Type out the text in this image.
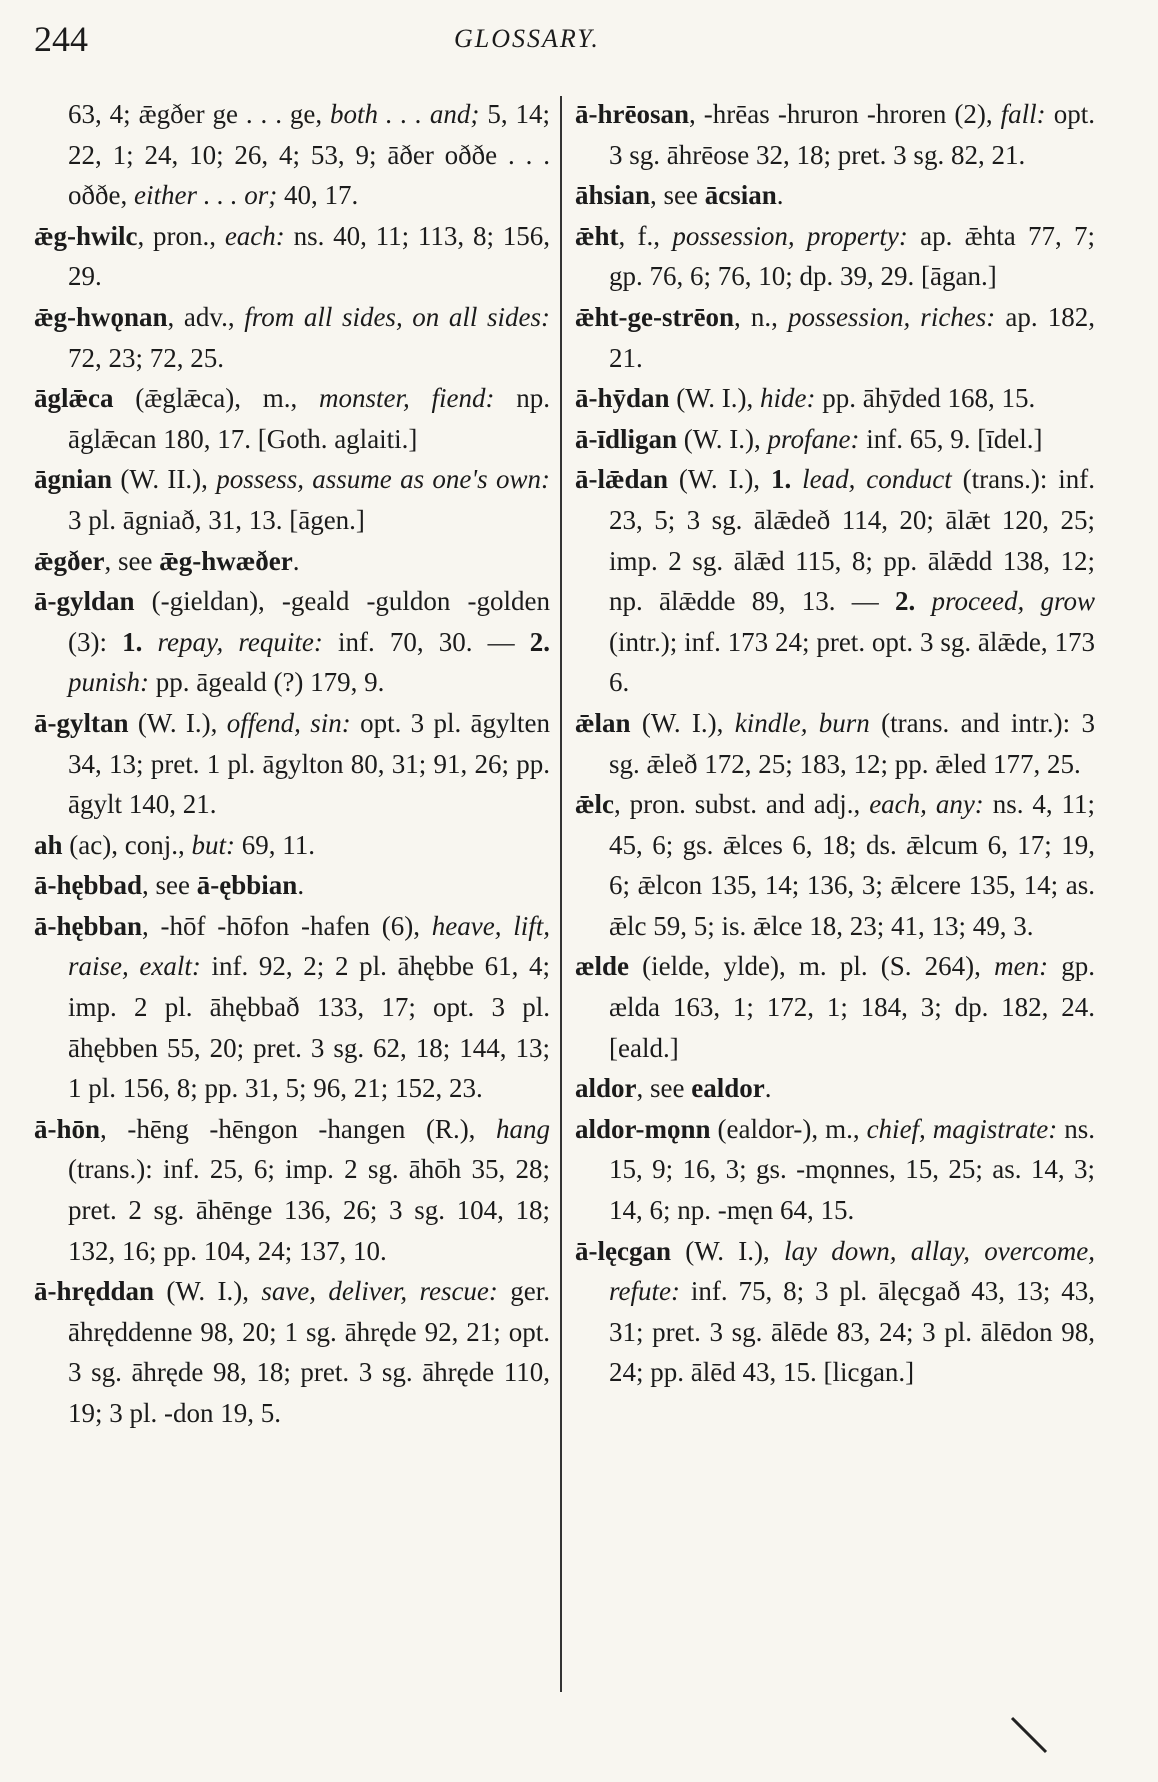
244	GLOSSARY.

63, 4; ǣgðer ge . . . ge, both . . . and; 5, 14; 22, 1; 24, 10; 26, 4; 53, 9; āðer oððe . . . oððe, either . . . or; 40, 17.

ǣg-hwilc, pron., each: ns. 40, 11; 113, 8; 156, 29.

ǣg-hwǫnan, adv., from all sides, on all sides: 72, 23; 72, 25.

āglǣca (ǣglǣca), m., monster, fiend: np. āglǣcan 180, 17. [Goth. aglaiti.]

āgnian (W. II.), possess, assume as one's own: 3 pl. āgniað, 31, 13. [āgen.]

ǣgðer, see ǣg-hwæðer.

ā-gyldan (-gieldan), -geald -guldon -golden (3): 1. repay, requite: inf. 70, 30. — 2. punish: pp. āgeald (?) 179, 9.

ā-gyltan (W. I.), offend, sin: opt. 3 pl. āgylten 34, 13; pret. 1 pl. āgylton 80, 31; 91, 26; pp. āgylt 140, 21.

ah (ac), conj., but: 69, 11.

ā-hębbad, see ā-ębbian.

ā-hębban, -hōf -hōfon -hafen (6), heave, lift, raise, exalt: inf. 92, 2; 2 pl. āhębbe 61, 4; imp. 2 pl. āhębbað 133, 17; opt. 3 pl. āhębben 55, 20; pret. 3 sg. 62, 18; 144, 13; 1 pl. 156, 8; pp. 31, 5; 96, 21; 152, 23.

ā-hōn, -hēng -hēngon -hangen (R.), hang (trans.): inf. 25, 6; imp. 2 sg. āhōh 35, 28; pret. 2 sg. āhēnge 136, 26; 3 sg. 104, 18; 132, 16; pp. 104, 24; 137, 10.

ā-hręddan (W. I.), save, deliver, rescue: ger. āhręddenne 98, 20; 1 sg. āhręde 92, 21; opt. 3 sg. āhręde 98, 18; pret. 3 sg. āhręde 110, 19; 3 pl. -don 19, 5.

ā-hrēosan, -hrēas -hruron -hroren (2), fall: opt. 3 sg. āhrēose 32, 18; pret. 3 sg. 82, 21.

āhsian, see ācsian.

ǣht, f., possession, property: ap. ǣhta 77, 7; gp. 76, 6; 76, 10; dp. 39, 29. [āgan.]

ǣht-ge-strēon, n., possession, riches: ap. 182, 21.

ā-hȳdan (W. I.), hide: pp. āhȳded 168, 15.

ā-īdligan (W. I.), profane: inf. 65, 9. [īdel.]

ā-lǣdan (W. I.), 1. lead, conduct (trans.): inf. 23, 5; 3 sg. ālǣdeð 114, 20; ālǣt 120, 25; imp. 2 sg. ālǣd 115, 8; pp. ālǣdd 138, 12; np. ālǣdde 89, 13. — 2. proceed, grow (intr.); inf. 173 24; pret. opt. 3 sg. ālǣde, 173 6.

ǣlan (W. I.), kindle, burn (trans. and intr.): 3 sg. ǣleð 172, 25; 183, 12; pp. ǣled 177, 25.

ǣlc, pron. subst. and adj., each, any: ns. 4, 11; 45, 6; gs. ǣlces 6, 18; ds. ǣlcum 6, 17; 19, 6; ǣlcon 135, 14; 136, 3; ǣlcere 135, 14; as. ǣlc 59, 5; is. ǣlce 18, 23; 41, 13; 49, 3.

ælde (ielde, ylde), m. pl. (S. 264), men: gp. ælda 163, 1; 172, 1; 184, 3; dp. 182, 24. [eald.]

aldor, see ealdor.

aldor-mǫnn (ealdor-), m., chief, magistrate: ns. 15, 9; 16, 3; gs. -mǫnnes, 15, 25; as. 14, 3; 14, 6; np. -męn 64, 15.

ā-lęcgan (W. I.), lay down, allay, overcome, refute: inf. 75, 8; 3 pl. ālęcgað 43, 13; 43, 31; pret. 3 sg. ālēde 83, 24; 3 pl. ālēdon 98, 24; pp. ālēd 43, 15. [licgan.]
